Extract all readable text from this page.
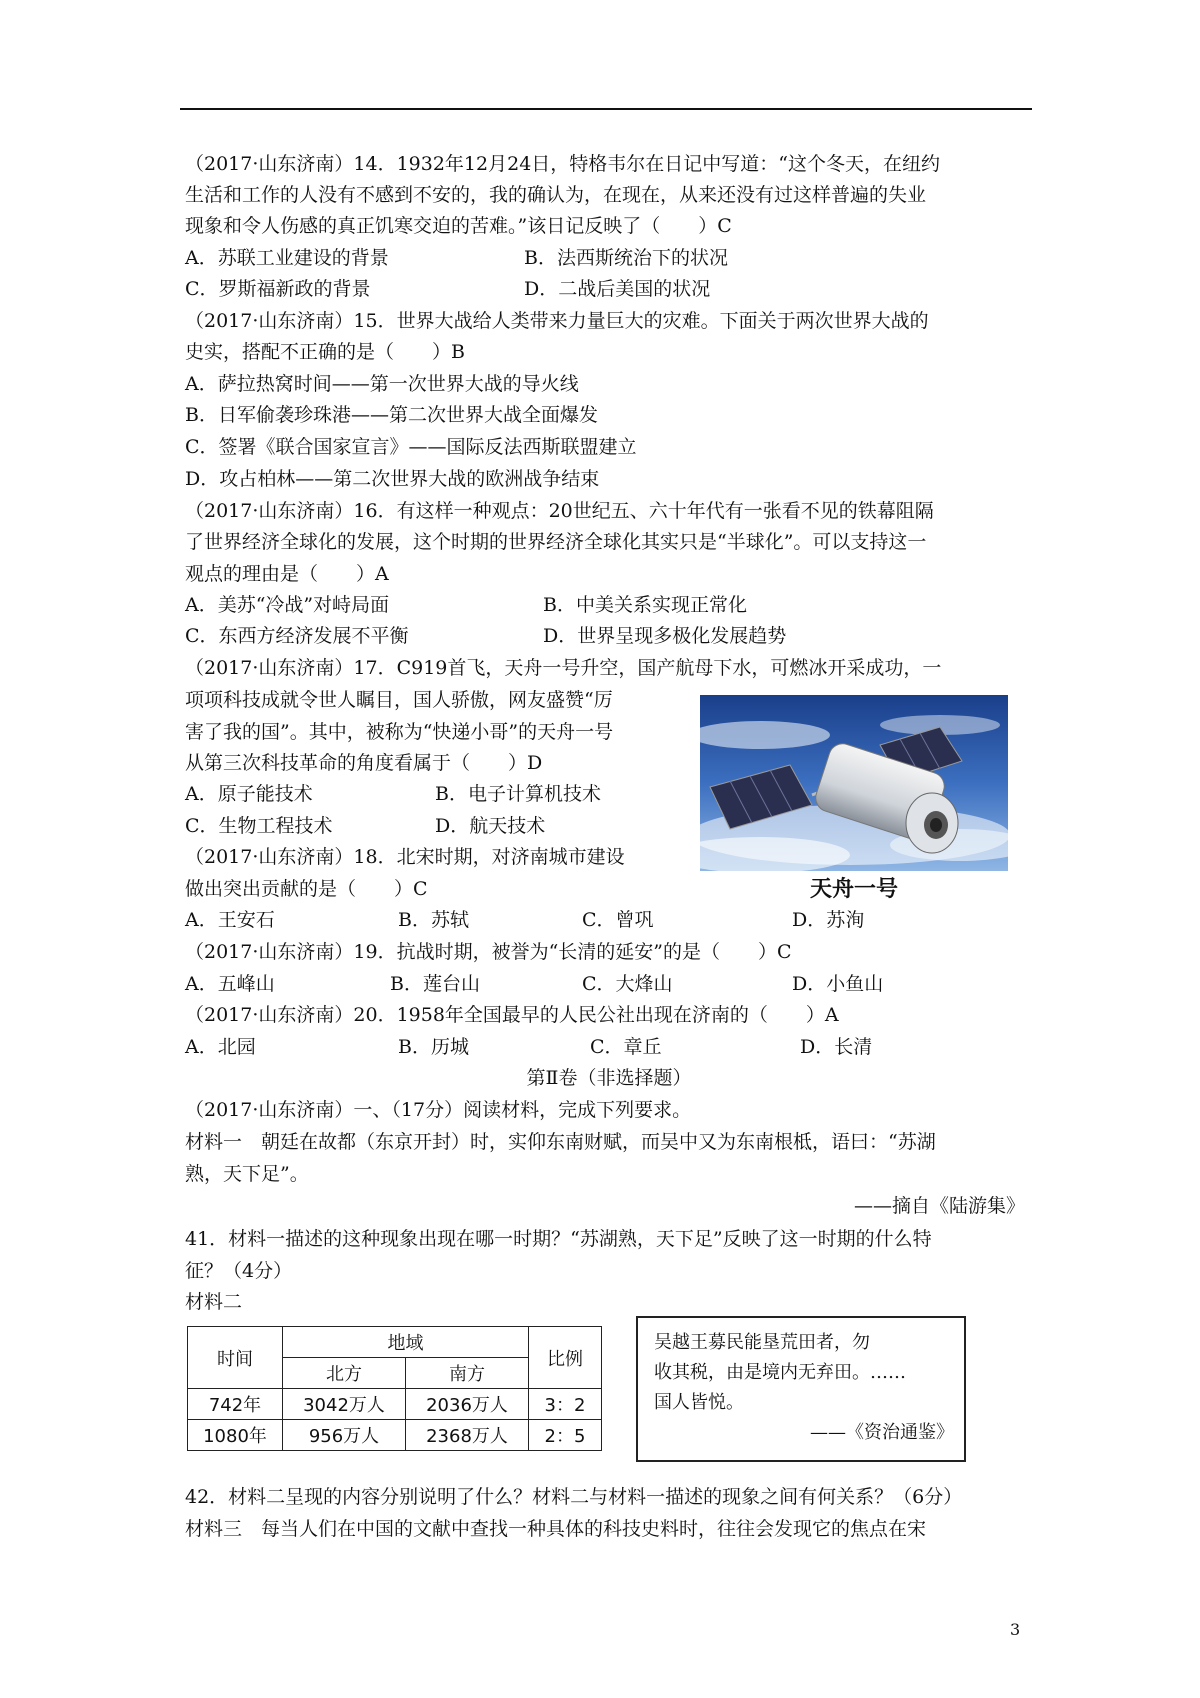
（2017·山东济南）14．1932年12月24日，特格韦尔在日记中写道：“这个冬天，在纽约
生活和工作的人没有不感到不安的，我的确认为，在现在，从来还没有过这样普遍的失业
现象和令人伤感的真正饥寒交迫的苦难。”该日记反映了（　　）C
A．苏联工业建设的背景	B．法西斯统治下的状况
C．罗斯福新政的背景	D．二战后美国的状况
（2017·山东济南）15．世界大战给人类带来力量巨大的灾难。下面关于两次世界大战的
史实，搭配不正确的是（　　）B
A．萨拉热窝时间——第一次世界大战的导火线
B．日军偷袭珍珠港——第二次世界大战全面爆发
C．签署《联合国家宣言》——国际反法西斯联盟建立
D．攻占柏林——第二次世界大战的欧洲战争结束
（2017·山东济南）16．有这样一种观点：20世纪五、六十年代有一张看不见的铁幕阻隔
了世界经济全球化的发展，这个时期的世界经济全球化其实只是“半球化”。可以支持这一
观点的理由是（　　）A
A．美苏“冷战”对峙局面	B．中美关系实现正常化
C．东西方经济发展不平衡	D．世界呈现多极化发展趋势
（2017·山东济南）17．C919首飞，天舟一号升空，国产航母下水，可燃冰开采成功，一
项项科技成就令世人瞩目，国人骄傲，网友盛赞“厉
害了我的国”。其中，被称为“快递小哥”的天舟一号
从第三次科技革命的角度看属于（　　）D
A．原子能技术	B．电子计算机技术
C．生物工程技术	D．航天技术
天舟一号
（2017·山东济南）18．北宋时期，对济南城市建设
做出突出贡献的是（　　）C
A．王安石	B．苏轼	C．曾巩	D．苏洵
（2017·山东济南）19．抗战时期，被誉为“长清的延安”的是（　　）C
A．五峰山	B．莲台山	C．大烽山	D．小鱼山
（2017·山东济南）20．1958年全国最早的人民公社出现在济南的（　　）A
A．北园	B．历城	C．章丘	D．长清
第Ⅱ卷（非选择题）
（2017·山东济南）一、（17分）阅读材料，完成下列要求。
材料一　朝廷在故都（东京开封）时，实仰东南财赋，而吴中又为东南根柢，语曰：“苏湖
熟，天下足”。
——摘自《陆游集》
41．材料一描述的这种现象出现在哪一时期？“苏湖熟，天下足”反映了这一时期的什么特
征？（4分）
材料二
时间	地域		比例
	北方	南方	
742年	3042万人	2036万人	3：2
1080年	956万人	2368万人	2：5
吴越王募民能垦荒田者，勿
收其税，由是境内无弃田。……
国人皆悦。
——《资治通鉴》
42．材料二呈现的内容分别说明了什么？材料二与材料一描述的现象之间有何关系？（6分）
材料三　每当人们在中国的文献中查找一种具体的科技史料时，往往会发现它的焦点在宋
3
